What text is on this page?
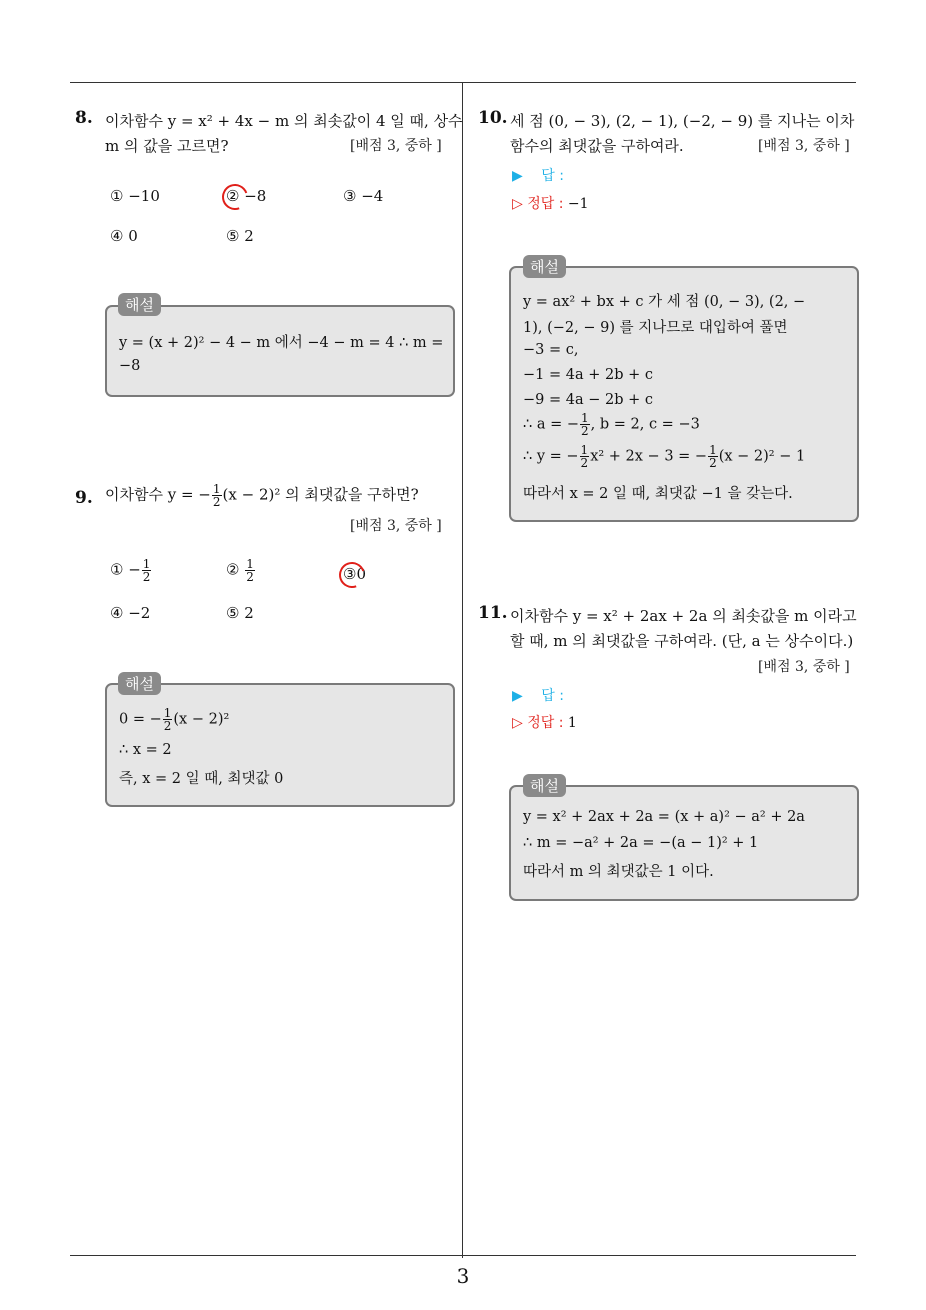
3
8. 이차함수 y = x² + 4x − m 의 최솟값이 4 일 때, 상수
m 의 값을 고르면?	[배점 3, 중하 ]
① −10	② −8	③ −4
④ 0	⑤ 2
y = (x + 2)² − 4 − m 에서 −4 − m = 4 ∴ m =
−8
해설
9. 이차함수 y = − $\frac{1}{2} (x - 2)^2$ 의 최댓값을 구하면?
[배점 3, 중하 ]
① − $\frac{1}{2}$	② $\frac{1}{2}$	③0
④ −2	⑤ 2
0 = − $\frac{1}{2} (x - 2)^2$
∴ x = 2
즉, x = 2 일 때, 최댓값 0
해설
10. 세 점 (0, − 3), (2, − 1), (−2, − 9) 를 지나는 이차
함수의 최댓값을 구하여라.	[배점 3, 중하 ]
▶ 답 :
▷ 정답 : −1
y = ax² + bx + c 가 세 점 (0, − 3), (2, −
1), (−2, − 9) 를 지나므로 대입하여 풀면
−3 = c,
−1 = 4a + 2b + c
−9 = 4a − 2b + c
∴ a = − $\frac{1}{2}$ , b = 2, c = −3
∴ y = − $\frac{1}{2} x^2 + 2x - 3$ = − $\frac{1}{2} (x - 2)^2 - 1$
따라서 x = 2 일 때, 최댓값 −1 을 갖는다.
해설
11. 이차함수 y = x² + 2ax + 2a 의 최솟값을 m 이라고
할 때, m 의 최댓값을 구하여라. (단, a 는 상수이다.)
[배점 3, 중하 ]
▶ 답 :
▷ 정답 : 1
y = x² + 2ax + 2a = (x + a)² − a² + 2a
∴ m = −a² + 2a = −(a − 1)² + 1
따라서 m 의 최댓값은 1 이다.
해설
